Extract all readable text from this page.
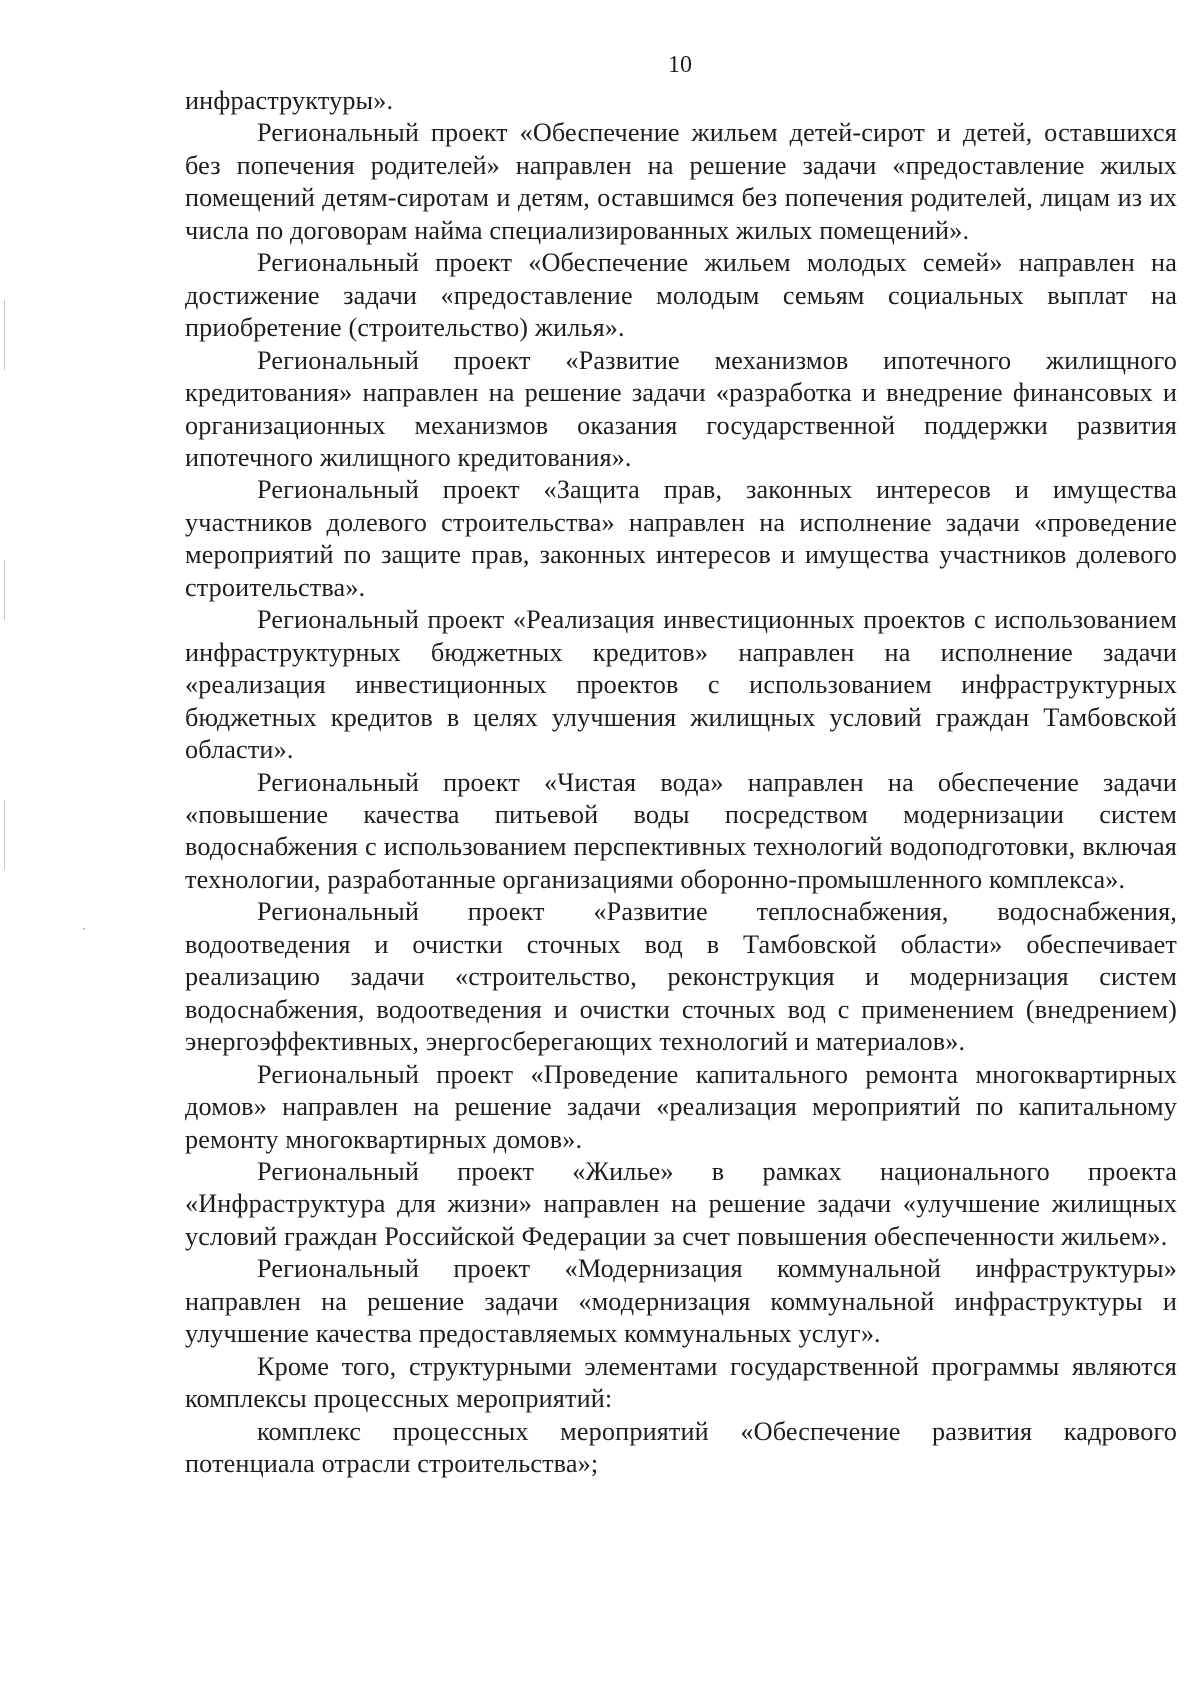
10

инфраструктуры».

Региональный проект «Обеспечение жильем детей-сирот и детей, оставшихся без попечения родителей» направлен на решение задачи «предоставление жилых помещений детям-сиротам и детям, оставшимся без попечения родителей, лицам из их числа по договорам найма специализированных жилых помещений».

Региональный проект «Обеспечение жильем молодых семей» направлен на достижение задачи «предоставление молодым семьям социальных выплат на приобретение (строительство) жилья».

Региональный проект «Развитие механизмов ипотечного жилищного кредитования» направлен на решение задачи «разработка и внедрение финансовых и организационных механизмов оказания государственной поддержки развития ипотечного жилищного кредитования».

Региональный проект «Защита прав, законных интересов и имущества участников долевого строительства» направлен на исполнение задачи «проведение мероприятий по защите прав, законных интересов и имущества участников долевого строительства».

Региональный проект «Реализация инвестиционных проектов с использованием инфраструктурных бюджетных кредитов» направлен на исполнение задачи «реализация инвестиционных проектов с использованием инфраструктурных бюджетных кредитов в целях улучшения жилищных условий граждан Тамбовской области».

Региональный проект «Чистая вода» направлен на обеспечение задачи «повышение качества питьевой воды посредством модернизации систем водоснабжения с использованием перспективных технологий водоподготовки, включая технологии, разработанные организациями оборонно-промышленного комплекса».

Региональный проект «Развитие теплоснабжения, водоснабжения, водоотведения и очистки сточных вод в Тамбовской области» обеспечивает реализацию задачи «строительство, реконструкция и модернизация систем водоснабжения, водоотведения и очистки сточных вод с применением (внедрением) энергоэффективных, энергосберегающих технологий и материалов».

Региональный проект «Проведение капитального ремонта многоквартирных домов» направлен на решение задачи «реализация мероприятий по капитальному ремонту многоквартирных домов».

Региональный проект «Жилье» в рамках национального проекта «Инфраструктура для жизни» направлен на решение задачи «улучшение жилищных условий граждан Российской Федерации за счет повышения обеспеченности жильем».

Региональный проект «Модернизация коммунальной инфраструктуры» направлен на решение задачи «модернизация коммунальной инфраструктуры и улучшение качества предоставляемых коммунальных услуг».

Кроме того, структурными элементами государственной программы являются комплексы процессных мероприятий:

комплекс процессных мероприятий «Обеспечение развития кадрового потенциала отрасли строительства»;
